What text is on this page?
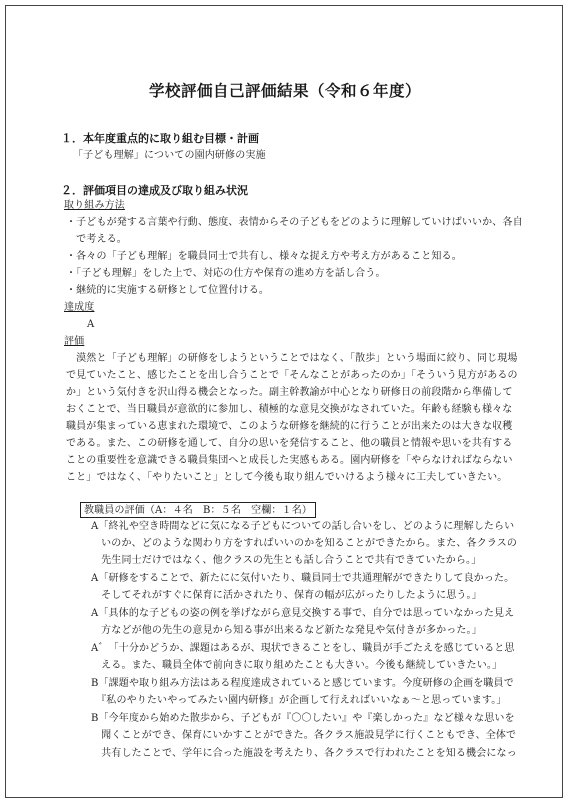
学校評価自己評価結果（令和６年度）
１．本年度重点的に取り組む目標・計画
「子ども理解」についての園内研修の実施
２．評価項目の達成及び取り組み状況
取り組み方法
・子どもが発する言葉や行動、態度、表情からその子どもをどのように理解していけばいいか、各自
　で考える。
・各々の「子ども理解」を職員同士で共有し、様々な捉え方や考え方があること知る。
・「子ども理解」をした上で、対応の仕方や保育の進め方を話し合う。
・継続的に実施する研修として位置付ける。
達成度
A
評価
　漠然と「子ども理解」の研修をしようということではなく、「散歩」という場面に絞り、同じ現場
で見ていたこと、感じたことを出し合うことで「そんなことがあったのか」「そういう見方があるの
か」という気付きを沢山得る機会となった。副主幹教諭が中心となり研修日の前段階から準備して
おくことで、当日職員が意欲的に参加し、積極的な意見交換がなされていた。年齢も経験も様々な
職員が集まっている恵まれた環境で、このような研修を継続的に行うことが出来たのは大きな収穫
である。また、この研修を通して、自分の思いを発信すること、他の職員と情報や思いを共有する
ことの重要性を意識できる職員集団へと成長した実感もある。園内研修を「やらなければならない
こと」ではなく、「やりたいこと」として今後も取り組んでいけるよう様々に工夫していきたい。
教職員の評価（A：４名　B：５名　空欄：１名）
A「終礼や空き時間などに気になる子どもについての話し合いをし、どのように理解したらい
　いのか、どのような関わり方をすればいいのかを知ることができたから。また、各クラスの
　先生同士だけではなく、他クラスの先生とも話し合うことで共有できていたから。」
A「研修をすることで、新たにに気付いたり、職員同士で共通理解ができたりして良かった。
　そしてそれがすぐに保育に活かされたり、保育の幅が広がったりしたように思う。」
A「具体的な子どもの姿の例を挙げながら意見交換する事で、自分では思っていなかった見え
　方などが他の先生の意見から知る事が出来るなど新たな発見や気付きが多かった。」
A゛「十分かどうか、課題はあるが、現状できることをし、職員が手ごたえを感じていると思
　える。また、職員全体で前向きに取り組めたことも大きい。今後も継続していきたい。」
B「課題や取り組み方法はある程度達成されていると感じています。今度研修の企画を職員で
　『私のやりたいやってみたい園内研修』が企画して行えればいいなぁ～と思っています。」
B「今年度から始めた散歩から、子どもが『〇〇したい』や『楽しかった』など様々な思いを
　聞くことができ、保育にいかすことができた。各クラス施設見学に行くこともでき、全体で
　共有したことで、学年に合った施設を考えたり、各クラスで行われたことを知る機会になっ
